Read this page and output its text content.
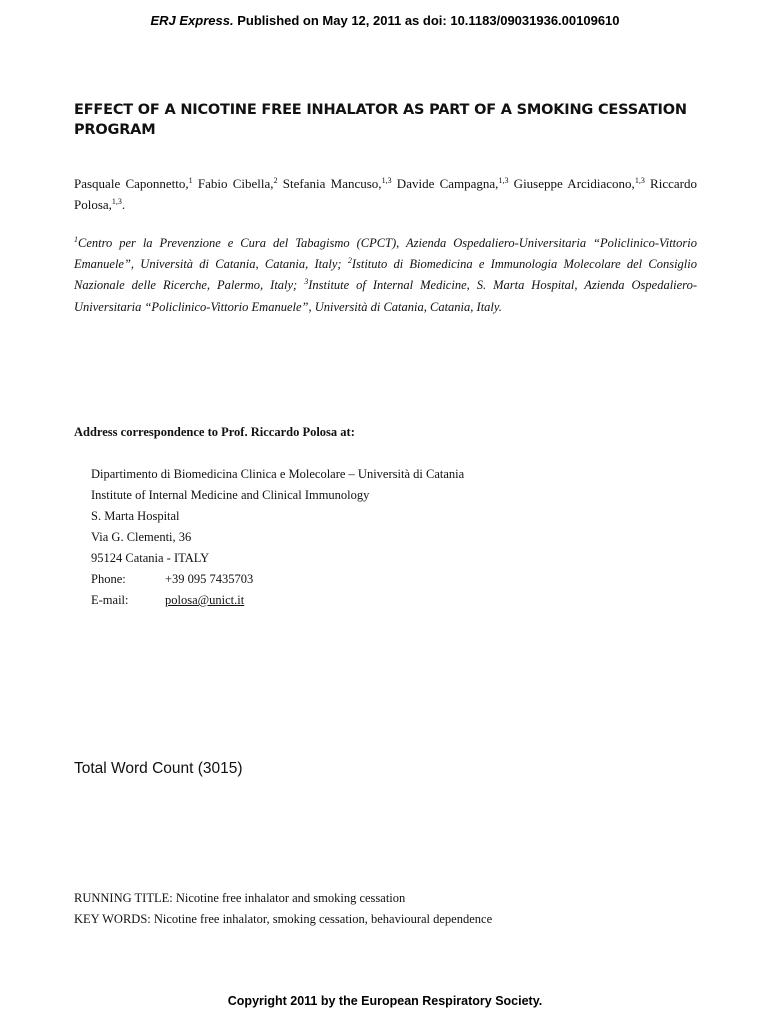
ERJ Express. Published on May 12, 2011 as doi: 10.1183/09031936.00109610
EFFECT OF A NICOTINE FREE INHALATOR AS PART OF A SMOKING CESSATION
PROGRAM
Pasquale Caponnetto,$^1$ Fabio Cibella,$^2$ Stefania Mancuso,$^{1,3}$ Davide Campagna,$^{1,3}$ Giuseppe Arcidiacono,$^{1,3}$ Riccardo
Polosa,$^{1,3}$.
$^1$Centro per la Prevenzione e Cura del Tabagismo (CPCT), Azienda Ospedaliero-Universitaria “Policlinico-Vittorio
Emanuele”, Università di Catania, Catania, Italy; $^2$Istituto di Biomedicina e Immunologia Molecolare del Consiglio
Nazionale delle Ricerche, Palermo, Italy; $^3$Institute of Internal Medicine, S. Marta Hospital, Azienda Ospedaliero-
Universitaria “Policlinico-Vittorio Emanuele”, Università di Catania, Catania, Italy.
Address correspondence to Prof. Riccardo Polosa at:
Dipartimento di Biomedicina Clinica e Molecolare – Università di Catania
Institute of Internal Medicine and Clinical Immunology
S. Marta Hospital
Via G. Clementi, 36
95124 Catania - ITALY
Phone:	+39 095 7435703
E-mail:	polosa@unict.it
Total Word Count (3015)
RUNNING TITLE: Nicotine free inhalator and smoking cessation
KEY WORDS: Nicotine free inhalator, smoking cessation, behavioural dependence
Copyright 2011 by the European Respiratory Society.
